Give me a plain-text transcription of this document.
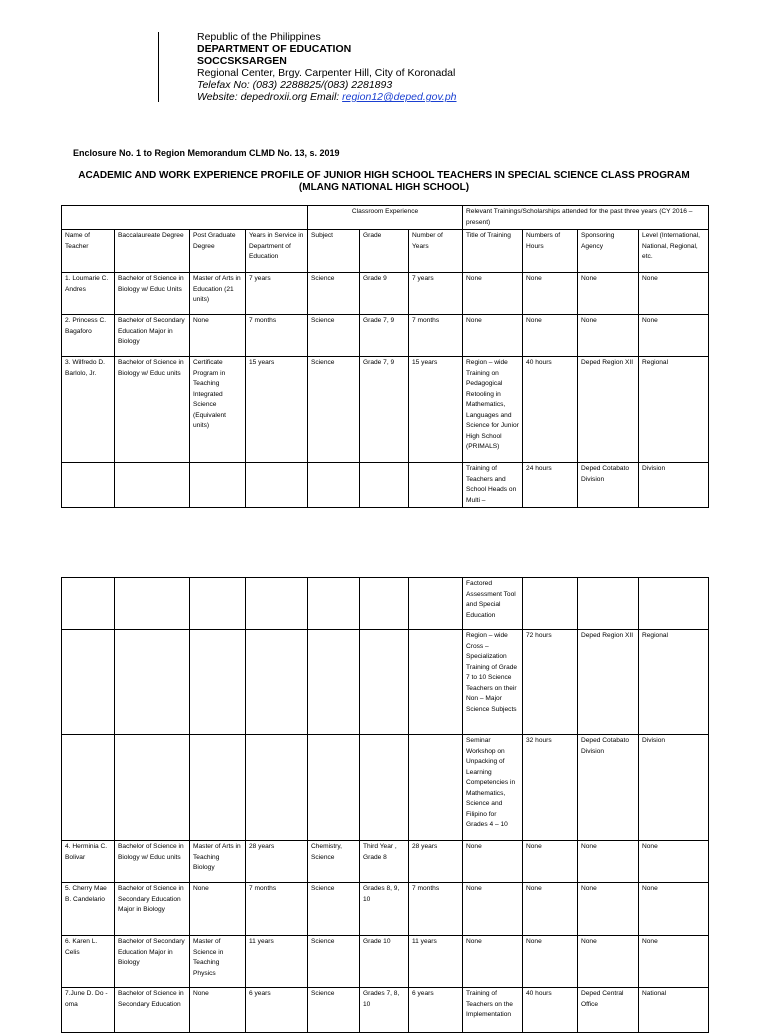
Republic of the Philippines
DEPARTMENT OF EDUCATION
SOCCSKSARGEN
Regional Center, Brgy. Carpenter Hill, City of Koronadal
Telefax No: (083) 2288825/(083) 2281893
Website: depedroxii.org Email: region12@deped.gov.ph
Enclosure No. 1 to Region Memorandum CLMD No. 13, s. 2019
ACADEMIC AND WORK EXPERIENCE PROFILE OF JUNIOR HIGH SCHOOL TEACHERS IN SPECIAL SCIENCE CLASS PROGRAM
(MLANG NATIONAL HIGH SCHOOL)
				Classroom Experience			Relevant Trainings/Scholarships attended for the past three years (CY 2016 – present)			
Name of Teacher	Baccalaureate Degree	Post Graduate Degree	Years in Service in Department of Education	Subject	Grade	Number of Years	Title of Training	Numbers of Hours	Sponsoring Agency	Level (International, National, Regional, etc.
1. Loumarie C. Andres	Bachelor of Science in Biology w/ Educ Units	Master of Arts in Education (21 units)	7 years	Science	Grade 9	7 years	None	None	None	None
2. Princess C. Bagaforo	Bachelor of Secondary Education Major in Biology	None	7 months	Science	Grade 7, 9	7 months	None	None	None	None
3. Wilfredo D. Barlolo, Jr.	Bachelor of Science in Biology w/ Educ units	Certificate Program in Teaching Integrated Science (Equivalent units)	15 years	Science	Grade 7, 9	15 years	Region – wide Training on Pedagogical Retooling in Mathematics, Languages and Science for Junior High School (PRIMALS)	40 hours	Deped Region XII	Regional
							Training of Teachers and School Heads on Multi –	24 hours	Deped Cotabato Division	Division
							Factored Assessment Tool and Special Education			
							Region – wide Cross – Specialization Training of Grade 7 to 10 Science Teachers on their Non – Major Science Subjects	72 hours	Deped Region XII	Regional
							Seminar Workshop on Unpacking of Learning Competencies in Mathematics, Science and Filipino for Grades 4 – 10	32 hours	Deped Cotabato Division	Division
4. Herminia C. Bolivar	Bachelor of Science in Biology w/ Educ units	Master of Arts in Teaching Biology	28 years	Chemistry, Science	Third Year , Grade 8	28 years	None	None	None	None
5. Cherry Mae B. Candelario	Bachelor of Science in Secondary Education Major in Biology	None	7 months	Science	Grades 8, 9, 10	7 months	None	None	None	None
6. Karen L. Celis	Bachelor of Secondary Education Major in Biology	Master of Science in Teaching Physics	11 years	Science	Grade 10	11 years	None	None	None	None
7.June D. Do - oma	Bachelor of Science in Secondary Education	None	6 years	Science	Grades 7, 8, 10	6 years	Training of Teachers on the Implementation	40 hours	Deped Central Office	National
